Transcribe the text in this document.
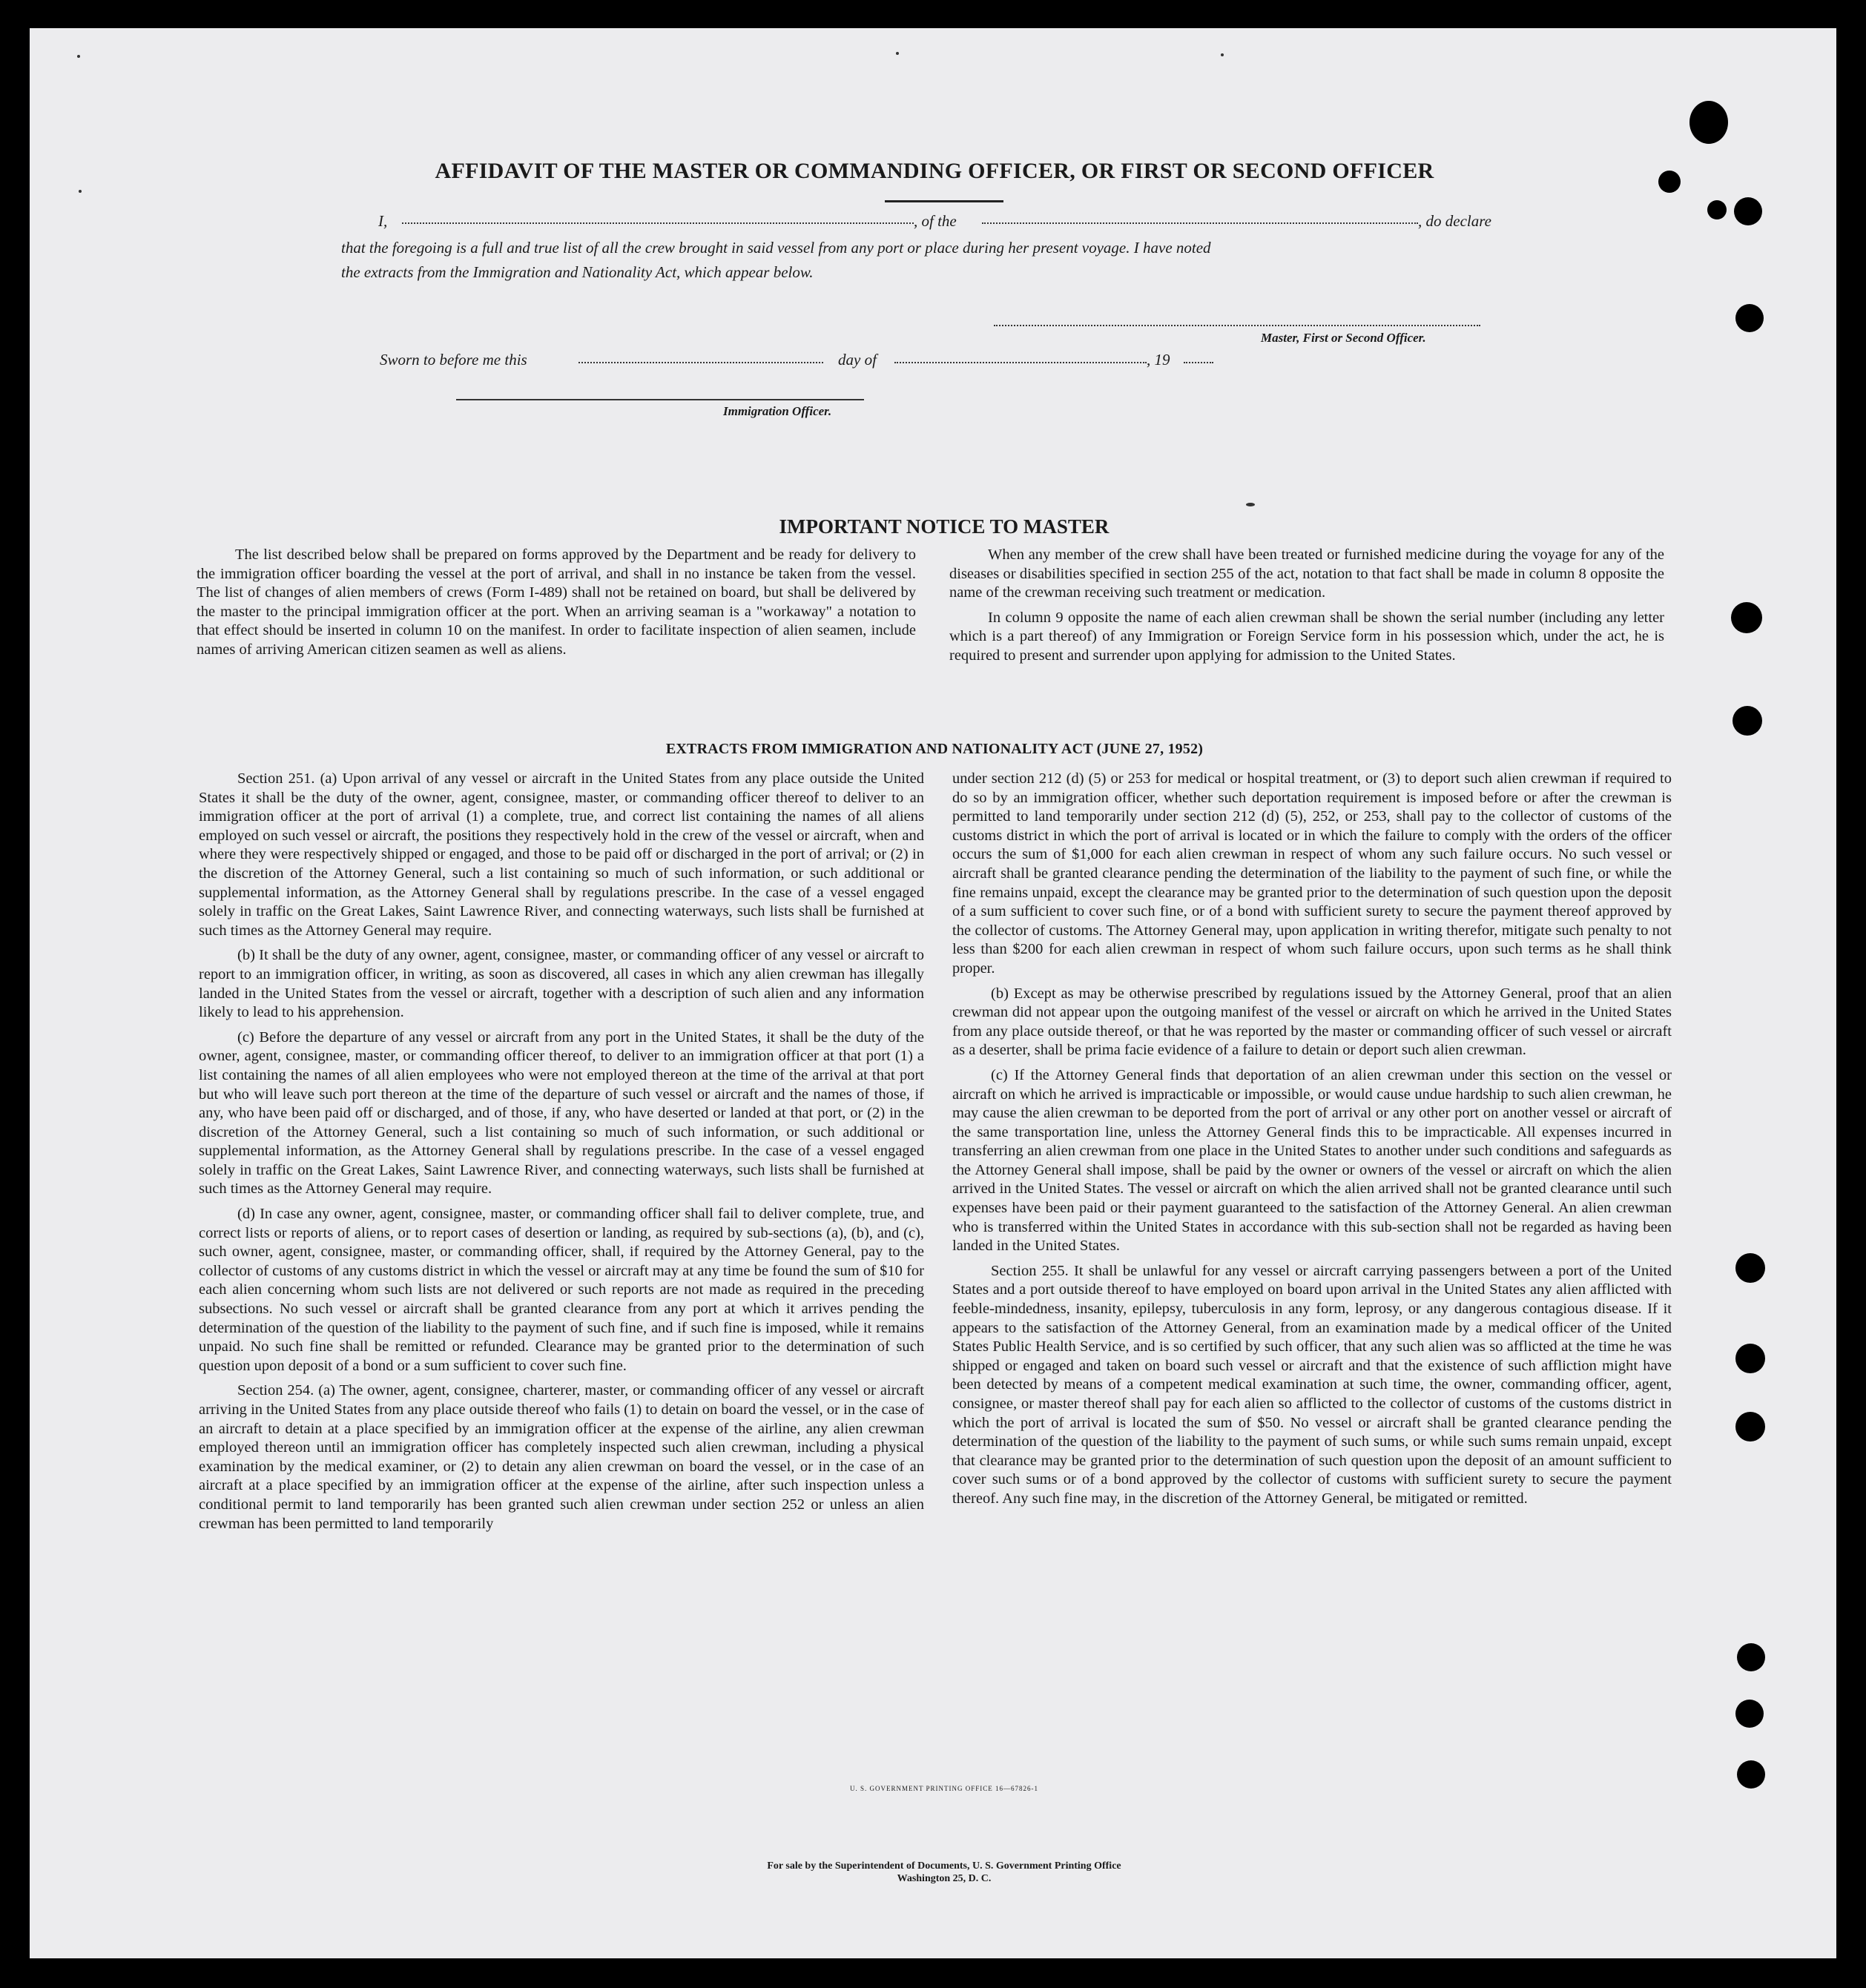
AFFIDAVIT OF THE MASTER OR COMMANDING OFFICER, OR FIRST OR SECOND OFFICER
I,	, of the	, do declare
that the foregoing is a full and true list of all the crew brought in said vessel from any port or place during her present voyage. I have noted
the extracts from the Immigration and Nationality Act, which appear below.
Master, First or Second Officer.
Sworn to before me this	day of	, 19
Immigration Officer.
IMPORTANT NOTICE TO MASTER

The list described below shall be prepared on forms approved by the Department and be ready for delivery to the immigration officer boarding the vessel at the port of arrival, and shall in no instance be taken from the vessel. The list of changes of alien members of crews (Form I-489) shall not be retained on board, but shall be delivered by the master to the principal immigration officer at the port. When an arriving seaman is a "workaway" a notation to that effect should be inserted in column 10 on the manifest. In order to facilitate inspection of alien seamen, include names of arriving American citizen seamen as well as aliens.

When any member of the crew shall have been treated or furnished medicine during the voyage for any of the diseases or disabilities specified in section 255 of the act, notation to that fact shall be made in column 8 opposite the name of the crewman receiving such treatment or medication.

In column 9 opposite the name of each alien crewman shall be shown the serial number (including any letter which is a part thereof) of any Immigration or Foreign Service form in his possession which, under the act, he is required to present and surrender upon applying for admission to the United States.

EXTRACTS FROM IMMIGRATION AND NATIONALITY ACT (JUNE 27, 1952)

Section 251. (a) Upon arrival of any vessel or aircraft in the United States from any place outside the United States it shall be the duty of the owner, agent, consignee, master, or commanding officer thereof to deliver to an immigration officer at the port of arrival (1) a complete, true, and correct list containing the names of all aliens employed on such vessel or aircraft, the positions they respectively hold in the crew of the vessel or aircraft, when and where they were respectively shipped or engaged, and those to be paid off or discharged in the port of arrival; or (2) in the discretion of the Attorney General, such a list containing so much of such information, or such additional or supplemental information, as the Attorney General shall by regulations prescribe. In the case of a vessel engaged solely in traffic on the Great Lakes, Saint Lawrence River, and connecting waterways, such lists shall be furnished at such times as the Attorney General may require.

(b) It shall be the duty of any owner, agent, consignee, master, or commanding officer of any vessel or aircraft to report to an immigration officer, in writing, as soon as discovered, all cases in which any alien crewman has illegally landed in the United States from the vessel or aircraft, together with a description of such alien and any information likely to lead to his apprehension.

(c) Before the departure of any vessel or aircraft from any port in the United States, it shall be the duty of the owner, agent, consignee, master, or commanding officer thereof, to deliver to an immigration officer at that port (1) a list containing the names of all alien employees who were not employed thereon at the time of the arrival at that port but who will leave such port thereon at the time of the departure of such vessel or aircraft and the names of those, if any, who have been paid off or discharged, and of those, if any, who have deserted or landed at that port, or (2) in the discretion of the Attorney General, such a list containing so much of such information, or such additional or supplemental information, as the Attorney General shall by regulations prescribe. In the case of a vessel engaged solely in traffic on the Great Lakes, Saint Lawrence River, and connecting waterways, such lists shall be furnished at such times as the Attorney General may require.

(d) In case any owner, agent, consignee, master, or commanding officer shall fail to deliver complete, true, and correct lists or reports of aliens, or to report cases of desertion or landing, as required by sub-sections (a), (b), and (c), such owner, agent, consignee, master, or commanding officer, shall, if required by the Attorney General, pay to the collector of customs of any customs district in which the vessel or aircraft may at any time be found the sum of $10 for each alien concerning whom such lists are not delivered or such reports are not made as required in the preceding subsections. No such vessel or aircraft shall be granted clearance from any port at which it arrives pending the determination of the question of the liability to the payment of such fine, and if such fine is imposed, while it remains unpaid. No such fine shall be remitted or refunded. Clearance may be granted prior to the determination of such question upon deposit of a bond or a sum sufficient to cover such fine.

Section 254. (a) The owner, agent, consignee, charterer, master, or commanding officer of any vessel or aircraft arriving in the United States from any place outside thereof who fails (1) to detain on board the vessel, or in the case of an aircraft to detain at a place specified by an immigration officer at the expense of the airline, any alien crewman employed thereon until an immigration officer has completely inspected such alien crewman, including a physical examination by the medical examiner, or (2) to detain any alien crewman on board the vessel, or in the case of an aircraft at a place specified by an immigration officer at the expense of the airline, after such inspection unless a conditional permit to land temporarily has been granted such alien crewman under section 252 or unless an alien crewman has been permitted to land temporarily

under section 212 (d) (5) or 253 for medical or hospital treatment, or (3) to deport such alien crewman if required to do so by an immigration officer, whether such deportation requirement is imposed before or after the crewman is permitted to land temporarily under section 212 (d) (5), 252, or 253, shall pay to the collector of customs of the customs district in which the port of arrival is located or in which the failure to comply with the orders of the officer occurs the sum of $1,000 for each alien crewman in respect of whom any such failure occurs. No such vessel or aircraft shall be granted clearance pending the determination of the liability to the payment of such fine, or while the fine remains unpaid, except the clearance may be granted prior to the determination of such question upon the deposit of a sum sufficient to cover such fine, or of a bond with sufficient surety to secure the payment thereof approved by the collector of customs. The Attorney General may, upon application in writing therefor, mitigate such penalty to not less than $200 for each alien crewman in respect of whom such failure occurs, upon such terms as he shall think proper.

(b) Except as may be otherwise prescribed by regulations issued by the Attorney General, proof that an alien crewman did not appear upon the outgoing manifest of the vessel or aircraft on which he arrived in the United States from any place outside thereof, or that he was reported by the master or commanding officer of such vessel or aircraft as a deserter, shall be prima facie evidence of a failure to detain or deport such alien crewman.

(c) If the Attorney General finds that deportation of an alien crewman under this section on the vessel or aircraft on which he arrived is impracticable or impossible, or would cause undue hardship to such alien crewman, he may cause the alien crewman to be deported from the port of arrival or any other port on another vessel or aircraft of the same transportation line, unless the Attorney General finds this to be impracticable. All expenses incurred in transferring an alien crewman from one place in the United States to another under such conditions and safeguards as the Attorney General shall impose, shall be paid by the owner or owners of the vessel or aircraft on which the alien arrived in the United States. The vessel or aircraft on which the alien arrived shall not be granted clearance until such expenses have been paid or their payment guaranteed to the satisfaction of the Attorney General. An alien crewman who is transferred within the United States in accordance with this sub-section shall not be regarded as having been landed in the United States.

Section 255. It shall be unlawful for any vessel or aircraft carrying passengers between a port of the United States and a port outside thereof to have employed on board upon arrival in the United States any alien afflicted with feeble-mindedness, insanity, epilepsy, tuberculosis in any form, leprosy, or any dangerous contagious disease. If it appears to the satisfaction of the Attorney General, from an examination made by a medical officer of the United States Public Health Service, and is so certified by such officer, that any such alien was so afflicted at the time he was shipped or engaged and taken on board such vessel or aircraft and that the existence of such affliction might have been detected by means of a competent medical examination at such time, the owner, commanding officer, agent, consignee, or master thereof shall pay for each alien so afflicted to the collector of customs of the customs district in which the port of arrival is located the sum of $50. No vessel or aircraft shall be granted clearance pending the determination of the question of the liability to the payment of such sums, or while such sums remain unpaid, except that clearance may be granted prior to the determination of such question upon the deposit of an amount sufficient to cover such sums or of a bond approved by the collector of customs with sufficient surety to secure the payment thereof. Any such fine may, in the discretion of the Attorney General, be mitigated or remitted.

U. S. GOVERNMENT PRINTING OFFICE 16—67826-1
For sale by the Superintendent of Documents, U. S. Government Printing Office
Washington 25, D. C.
